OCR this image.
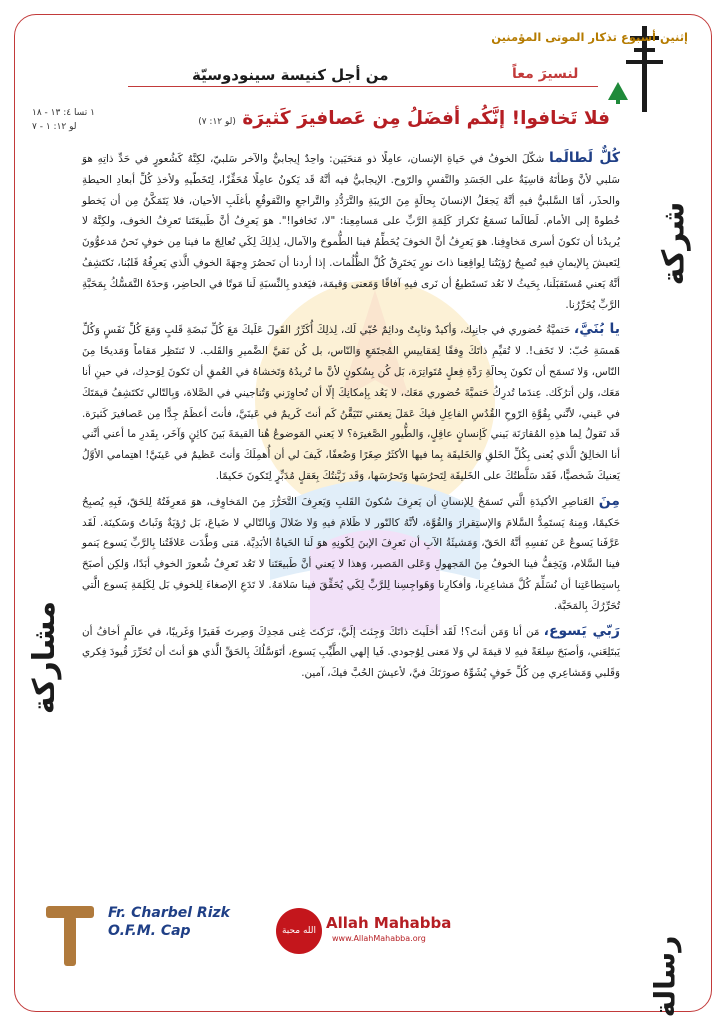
إثنين أسبوع تذكار الموتى المؤمنين
لنسيرَ معاً
من أجل كنيسة سينودوسيّة
١ تسا ٤: ١٣ - ١٨
لو ١٢: ١ - ٧	فلا تَخافوا! إنَّكُم أفضَلُ مِن عَصافيرَ كَثيرَة (لو ١٢: ٧)

كُلٌّ لَطالَما شكّلَ الخوفُ في حَياةِ الإنسان، عامِلًا ذو مَنحَيَين: واحِدٌ إيجابيٌّ والآخر سَلبيّ، لكِنَّهُ كَشُعورٍ في حَدِّ ذاتِهِ هوَ سَلبي لأنَّ وَطأتَهُ قاسِيَةٌ على الجَسَدِ والنَّفسِ والرّوح. الإيجابيُّ فيه أنَّهُ قَد يَكونُ عامِلًا مُحَفِّزًا، لِتَخَطّيهِ ولأخذِ كُلِّ أبعادِ الحيطةِ والحذَر، أمّا السَّلبيُّ فيهِ أنَّهُ يَجعَلُ الإنسانَ بِحالَةٍ مِنَ الرّيبَةِ والتَّرَدُّدِ والتَّراجعِ والتَّقوقُعِ بأغلَبِ الأحيان، فلا يَتَمَكَّنُ مِن أن يَخطو خُطوةً إلى الأمام. لَطالَما نَسمَعُ تَكرارَ كَلِمَةِ الرَّبِّ على مَسامِعِنا: "لا، تَخافوا!". هوَ يَعرِفُ أنَّ طَبيعَتَنا تَعرِفُ الخوف، ولكِنَّهُ لا يُريدُنا أن نَكونَ أسرى مَخاوِفِنا. هوَ يَعرِفُ أنَّ الخوفَ يُحَطِّمُ فينا الطُّموحَ والآمال، لِذلِكَ لِكَي نُعالِجَ ما فينا مِن خوفٍ نَحنُ مَدعوُّونَ لِنَعيشَ بِالإيمانِ فيهِ تُصبِحُ رُؤيَتُنا لِواقِعِنا ذاتَ نورٍ يَختَرِقُ كُلَّ الظُّلُمات. إذا أردنا أن نَحصُرَ وِجهَةَ الخوفِ الَّذي يَعرِفُهُ قَلبُنا، نَكتَشِفُ أنَّهُ يَعني مُستَقبَلَنا، بِحَيثُ لا نَعُد نَستَطيعُ أن نَرى فيهِ آفاقًا وَمَعنى وَقيمَة، فيَغدو بِالنِّسبَةِ لَنا مَوتًا في الحاضِر، وَحدَهُ التَّمَسُّكُ بِمَحَبَّةِ الرَّبِّ يُحَرِّرُنا.

يا بُنَيَّ، حَتميَّةُ حُضوري في جانِبِك، وَأكيدٌ وثابِتٌ ودائِمٌ حُبّي لَك، لِذلِكَ أُكَرِّرُ القَولَ عَلَيكَ مَعَ كُلِّ نَبضَةِ قَلبٍ وَمَعَ كُلِّ نَفَسٍ وَكُلِّ هَمسَةِ حُبّ: لا تَخَف!. لا تُقيِّمِ ذاتَكَ وِفقًا لِمَقاييسِ المُجتَمَعِ وَالنّاس، بل كُن نَقيَّ الضَّميرِ وَالقَلب. لا تَنتَظِر مَقاماً وَمَديحًا مِنَ النّاس، وَلا تَسمَح أن تَكونَ بِحالَةِ رَدَّةِ فِعلٍ مُتَواتِرَة، بَل كُن بِسُكونٍ لأنَّ ما تُريدُهُ وَتَخشاهُ في العُمقِ أن تَكونَ لِوَحدِك، في حينِ أنا مَعَك، وَلن أترُكَك. عِندَما تُدرِكُ حَتميَّةَ حُضوري مَعَك، لا يَعُد بِإمكانِكَ إلّا أن تُحاوِرَني وَتُناجيني في الصَّلاة، وَبِالتّالي تَكتَشِفُ قيمَتَكَ في عَيني، لأنَّني بِقُوَّةِ الرّوحِ القُدُسِ الفاعِلِ فيكَ عَمَلَ نِعمَتي تَتَيَقَّنُ كَم أنتَ كَريمٌ في عَينَيَّ، فأنتَ أعظَمُ جِدًّا مِن عَصافيرَ كَثيرَة. قَد تَقولُ لِما هذِهِ المُقارَنَة بَيني كَإنسانٍ عاقِلٍ، وَالطُّيورِ الصَّغيرَة؟ لا يَعني المَوضوعُ هُنا القيمَةَ بَينَ كائِنٍ وَآخَر، بِقَدرِ ما أعني أنَّني أنا الخالِقُ الَّذي يُعنى بِكُلِّ الخَلقِ وَالخَليقَة بِما فيها الأكثَرُ صِغَرًا وَضُعفًا، كَيفَ لي أن أُهمِلَكَ وَأنتَ عَظيمٌ في عَينَيَّ! اهتِمامي الأوَّلُ يَعنيكَ شَخصيًّا، فَقَد سَلَّطتُكَ على الخَليقَة لِتَحرُسَها وَتَحرُسَها، وَقَد زَيَّنتُكَ بِعَقلٍ مُدَبِّرٍ لِتَكونَ حَكيمًا.

مِنَ العَناصِرِ الأكيدَةِ الَّتي تَسمَحُ لِلإنسانِ أن يَعرِفَ سُكونَ القَلبِ وَيَعرِفَ التَّحَرُّرَ مِنَ المَخاوِف، هوَ مَعرِفَتُهُ لِلحَقّ، فَبِهِ يُصبِحُ حَكيمًا، وَمِنهُ يَستَمِدُّ السَّلامَ وَالإستِقرارَ وَالقُوَّة، لأنَّهُ كالنّور لا ظَلامَ فيهِ وَلا ضَلالَ وَبِالتّالي لا ضَياعَ، بَل رُؤيَةٌ وَثَباتٌ وَسَكينَة. لَقَد عَرَّفَنا يَسوعُ عَن نَفسِهِ أنَّهُ الحَقّ، وَمَشيئَةُ الآبِ أن نَعرِفَ الإبنَ لِكَونِهِ هوَ لَنا الحَياةُ الأبَدِيَّة. مَتى وَطَّدَت عَلاقَتُنا بِالرَّبِّ يَسوع يَنمو فينا السَّلام، وَيَخِفُّ فينا الخوفُ مِنَ المَجهولِ وَعَلى المَصير، وَهذا لا يَعني أنَّ طَبيعَتَنا لا تَعُد تَعرِفُ شُعورَ الخوفِ أبَدًا، وَلكِن أصبَحَ بِاستِطاعَتِنا أن نُسَلِّمَ كُلَّ مَشاعِرِنا، وَأفكارِنا وَهَواجِسِنا لِلرَّبِّ لِكَي يُحَقِّقَ فينا سَلامَهُ. لا تَدَعِ الإصغاءَ لِلخوفِ بَل لِكَلِمَةِ يَسوع الَّتي تُحَرِّرُكَ بِالمَحَبَّة.

رَبّي يَسوع، مَن أنا وَمَن أنتَ؟! لَقَد أخلَيتَ ذاتَكَ وَجِئتَ إلَيَّ، تَرَكتَ غِنى مَجدِكَ وَصِرتَ فَقيرًا وَغَريبًا، في عالَمٍ أخافُ أن يَبتَلِعَني، وَأصبَحَ سِلعَةً فيهِ لا قيمَةَ لي وَلا مَعنى لِوُجودي. فَيا إلهي الطَّيِّبِ يَسوع، أتَوَسَّلُكَ بِالحَقِّ الَّذي هوَ أنتَ أن تُحَرِّرَ قُيودَ فِكري وَقَلبي وَمَشاعِري مِن كُلِّ خَوفٍ يُشَوِّهُ صورَتَكَ فيَّ، لأعيشَ الحُبَّ فيكَ، آمين.

شركة
مشاركة
رسالة
Fr. Charbel Rizk
O.F.M. Cap	الله محبة Allah Mahabba
www.AllahMahabba.org
